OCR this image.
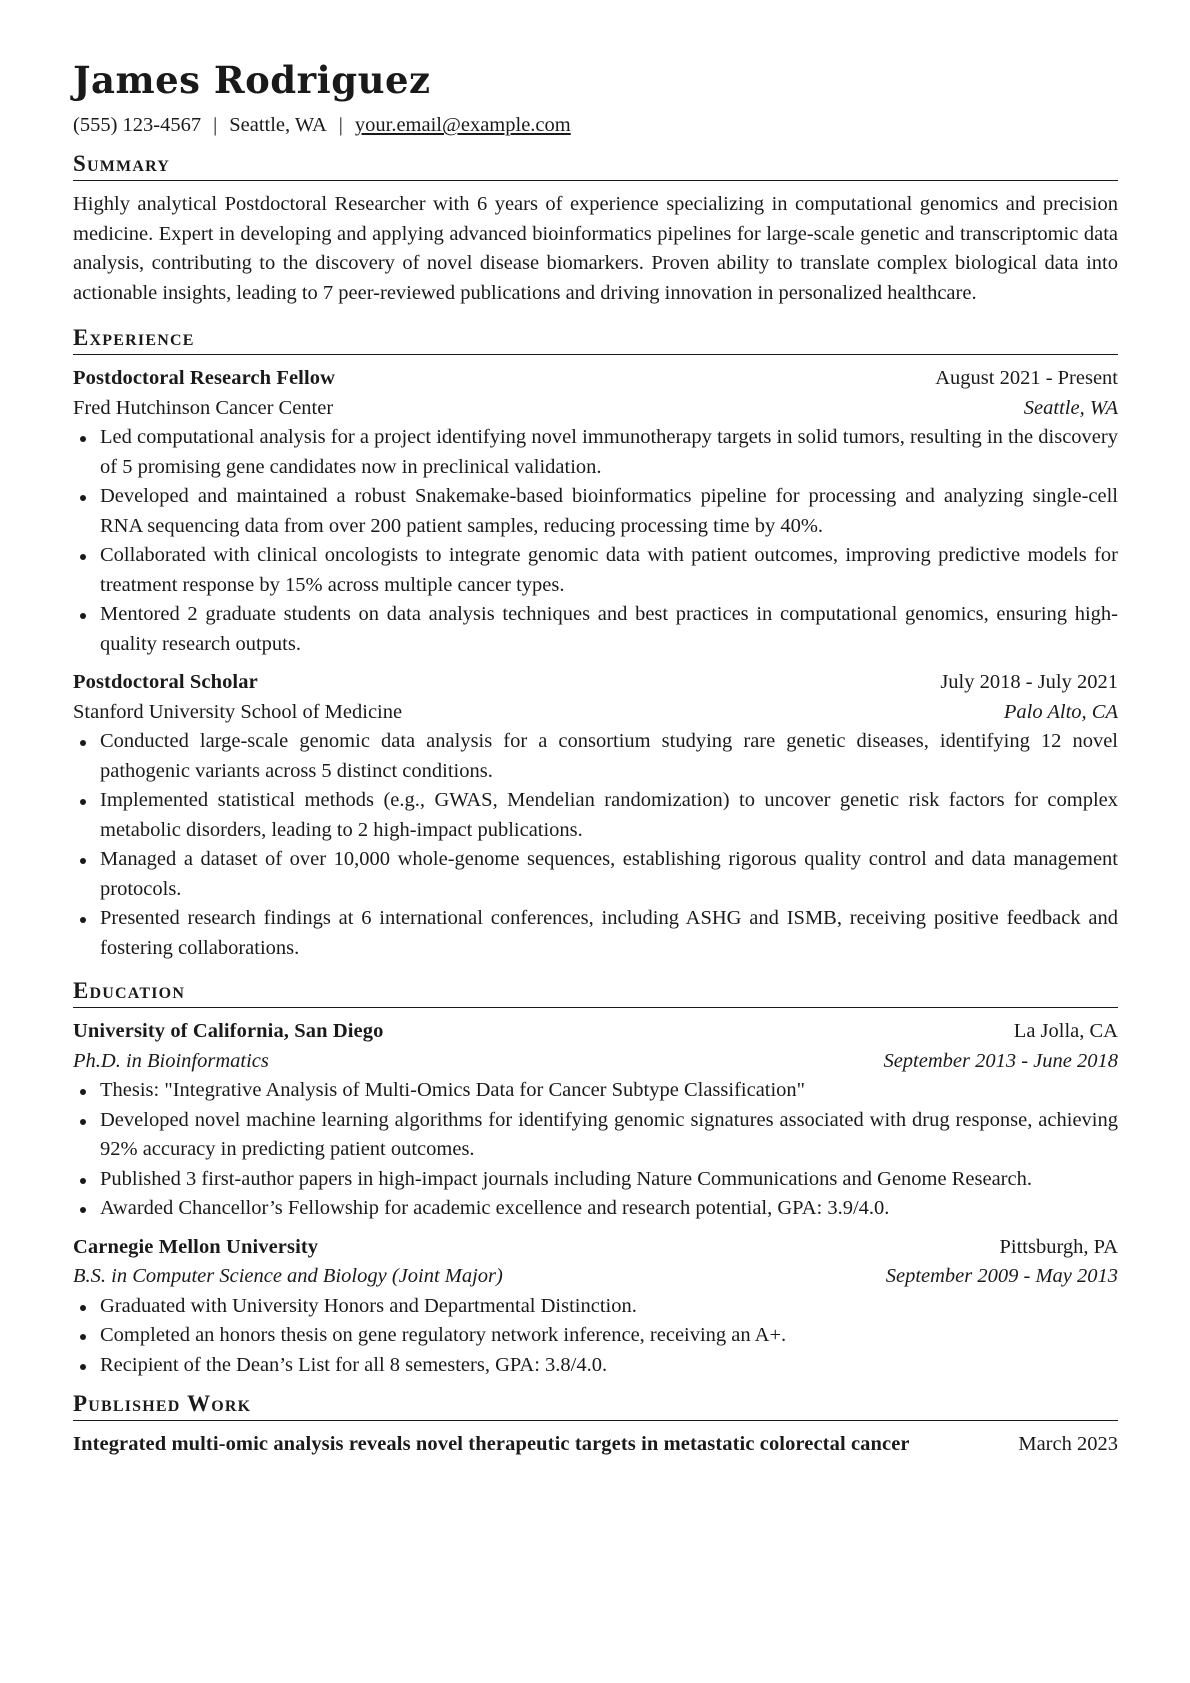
James Rodriguez
(555) 123-4567 | Seattle, WA | your.email@example.com
Summary
Highly analytical Postdoctoral Researcher with 6 years of experience specializing in computational genomics and precision medicine. Expert in developing and applying advanced bioinformatics pipelines for large-scale genetic and transcriptomic data analysis, contributing to the discovery of novel disease biomarkers. Proven ability to translate complex biological data into actionable insights, leading to 7 peer-reviewed publications and driving innovation in personalized healthcare.
Experience
Postdoctoral Research Fellow	August 2021 - Present
Fred Hutchinson Cancer Center	Seattle, WA
Led computational analysis for a project identifying novel immunotherapy targets in solid tumors, resulting in the discovery of 5 promising gene candidates now in preclinical validation.
Developed and maintained a robust Snakemake-based bioinformatics pipeline for processing and analyzing single-cell RNA sequencing data from over 200 patient samples, reducing processing time by 40%.
Collaborated with clinical oncologists to integrate genomic data with patient outcomes, improving predictive models for treatment response by 15% across multiple cancer types.
Mentored 2 graduate students on data analysis techniques and best practices in computational genomics, ensuring high-quality research outputs.
Postdoctoral Scholar	July 2018 - July 2021
Stanford University School of Medicine	Palo Alto, CA
Conducted large-scale genomic data analysis for a consortium studying rare genetic diseases, identifying 12 novel pathogenic variants across 5 distinct conditions.
Implemented statistical methods (e.g., GWAS, Mendelian randomization) to uncover genetic risk factors for complex metabolic disorders, leading to 2 high-impact publications.
Managed a dataset of over 10,000 whole-genome sequences, establishing rigorous quality control and data management protocols.
Presented research findings at 6 international conferences, including ASHG and ISMB, receiving positive feedback and fostering collaborations.
Education
University of California, San Diego	La Jolla, CA
Ph.D. in Bioinformatics	September 2013 - June 2018
Thesis: "Integrative Analysis of Multi-Omics Data for Cancer Subtype Classification"
Developed novel machine learning algorithms for identifying genomic signatures associated with drug response, achieving 92% accuracy in predicting patient outcomes.
Published 3 first-author papers in high-impact journals including Nature Communications and Genome Research.
Awarded Chancellor’s Fellowship for academic excellence and research potential, GPA: 3.9/4.0.
Carnegie Mellon University	Pittsburgh, PA
B.S. in Computer Science and Biology (Joint Major)	September 2009 - May 2013
Graduated with University Honors and Departmental Distinction.
Completed an honors thesis on gene regulatory network inference, receiving an A+.
Recipient of the Dean’s List for all 8 semesters, GPA: 3.8/4.0.
Published Work
Integrated multi-omic analysis reveals novel therapeutic targets in metastatic colorectal cancer	March 2023
